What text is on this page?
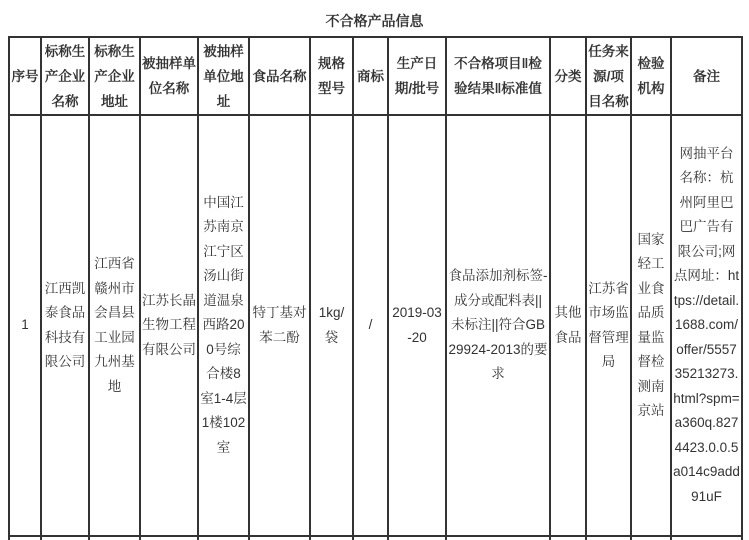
不合格产品信息
序号	标称生产企业名称	标称生产企业地址	被抽样单位名称	被抽样单位地址	食品名称	规格型号	商标	生产日期/批号	不合格项目‖检验结果‖标准值	分类	任务来源/项目名称	检验机构	备注
1	江西凯泰食品科技有限公司	江西省赣州市会昌县工业园九州基地	江苏长晶生物工程有限公司	中国江苏南京江宁区汤山街道温泉西路200号综合楼8室1-4层1楼102室	特丁基对苯二酚	1kg/袋	/	2019-03-20	食品添加剂标签-成分或配料表||未标注||符合GB29924-2013的要求	其他食品	江苏省市场监督管理局	国家轻工业食品质量监督检测南京站	网抽平台名称：杭州阿里巴巴广告有限公司;网点网址：https://detail.1688.com/offer/555735213273.html?spm=a360q.8274423.0.0.5a014c9add91uF
